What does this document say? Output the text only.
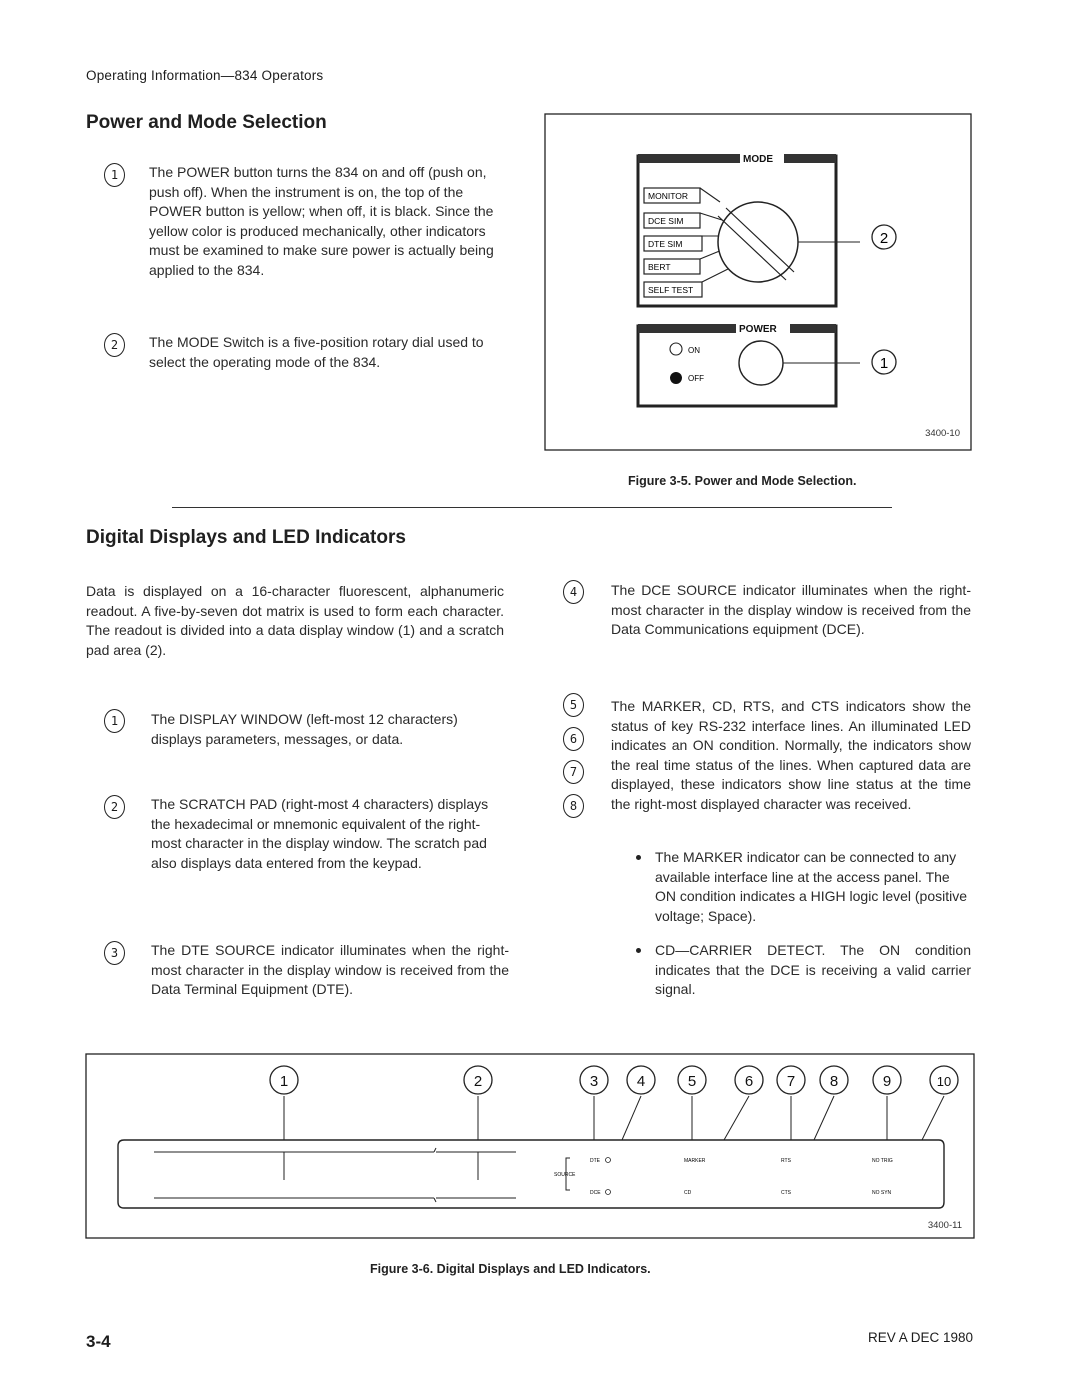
Operating Information—834 Operators
Power and Mode Selection
1	The POWER button turns the 834 on and off (push on, push off). When the instrument is on, the top of the POWER button is yellow; when off, it is black. Since the yellow color is produced mechanically, other indicators must be examined to make sure power is actually being applied to the 834.
2	The MODE Switch is a five-position rotary dial used to select the operating mode of the 834.
MODE
MONITOR
DCE SIM
DTE SIM
BERT
SELF TEST
2
POWER
ON
OFF
1
3400-10
Figure 3-5. Power and Mode Selection.
Digital Displays and LED Indicators
Data is displayed on a 16-character fluorescent, alphanumeric readout. A five-by-seven dot matrix is used to form each character. The readout is divided into a data display window (1) and a scratch pad area (2).
1	The DISPLAY WINDOW (left-most 12 characters) displays parameters, messages, or data.
2	The SCRATCH PAD (right-most 4 characters) displays the hexadecimal or mnemonic equivalent of the right-most character in the display window. The scratch pad also displays data entered from the keypad.
3	The DTE SOURCE indicator illuminates when the right-most character in the display window is received from the Data Terminal Equipment (DTE).
4	The DCE SOURCE indicator illuminates when the right-most character in the display window is received from the Data Communications equipment (DCE).
5
6
7
8
The MARKER, CD, RTS, and CTS indicators show the status of key RS-232 interface lines. An illuminated LED indicates an ON condition. Normally, the indicators show the real time status of the lines. When captured data are displayed, these indicators show line status at the time the right-most displayed character was received.
The MARKER indicator can be connected to any available interface line at the access panel. The ON condition indicates a HIGH logic level (positive voltage; Space).
CD—CARRIER DETECT. The ON condition indicates that the DCE is receiving a valid carrier signal.
1	2	3	4	5	6 7 8	9	10
SOURCE
DTE
DCE
MARKER
CD
RTS
CTS
NO TRIG
NO SYN
3400-11
Figure 3-6. Digital Displays and LED Indicators.
3-4	REV A DEC 1980
